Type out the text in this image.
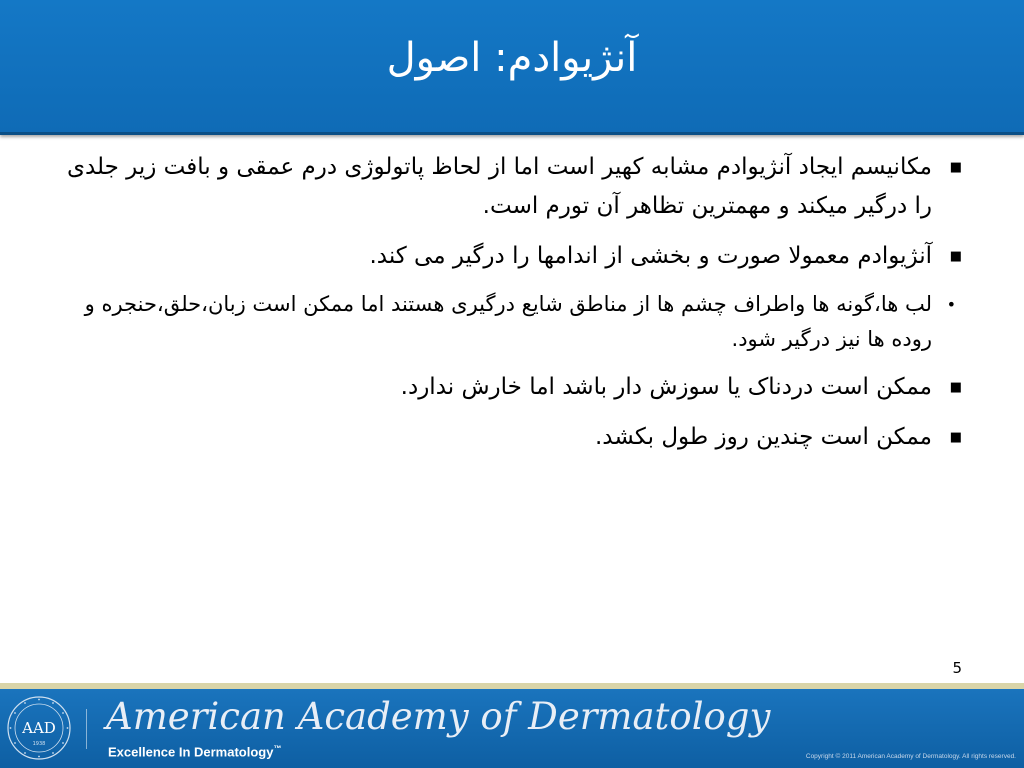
آنژیوادم: اصول
■
مکانیسم ایجاد آنژیوادم مشابه کهیر است اما از لحاظ پاتولوژی درم عمقی و بافت زیر جلدی را درگیر میکند و مهمترین تظاهر آن تورم است.
■
آنژیوادم معمولا صورت و بخشی از اندامها را درگیر می کند.
•
لب ها،گونه ها واطراف چشم ها از مناطق شایع درگیری هستند اما ممکن است زبان،حلق،حنجره و روده ها نیز درگیر شود.
■
ممکن است دردناک یا سوزش دار باشد اما خارش ندارد.
■
ممکن است چندین روز طول بکشد.
5
AAD
1938
American Academy of Dermatology
Excellence In Dermatology™
Copyright © 2011 American Academy of Dermatology. All rights reserved.
